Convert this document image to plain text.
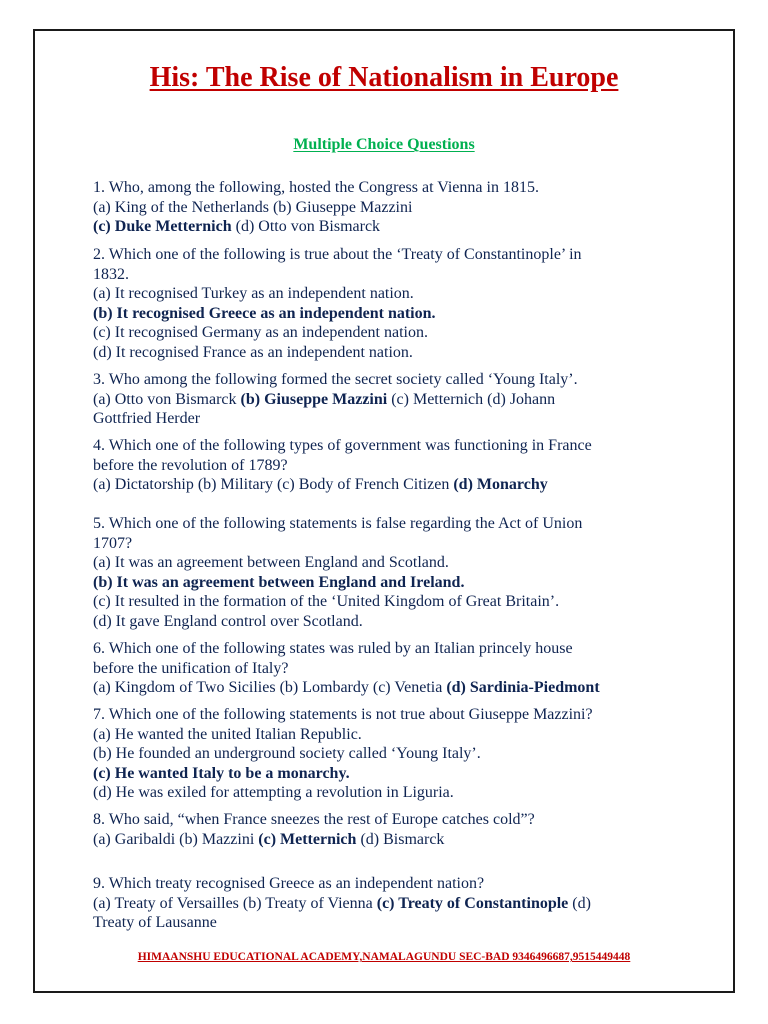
His: The Rise of Nationalism in Europe
Multiple Choice Questions
1. Who, among the following, hosted the Congress at Vienna in 1815.
(a) King of the Netherlands (b) Giuseppe Mazzini
(c) Duke Metternich (d) Otto von Bismarck
2. Which one of the following is true about the ‘Treaty of Constantinople’ in
1832.
(a) It recognised Turkey as an independent nation.
(b) It recognised Greece as an independent nation.
(c) It recognised Germany as an independent nation.
(d) It recognised France as an independent nation.
3. Who among the following formed the secret society called ‘Young Italy’.
(a) Otto von Bismarck (b) Giuseppe Mazzini (c) Metternich (d) Johann
Gottfried Herder
4. Which one of the following types of government was functioning in France
before the revolution of 1789?
(a) Dictatorship (b) Military (c) Body of French Citizen (d) Monarchy
5. Which one of the following statements is false regarding the Act of Union
1707?
(a) It was an agreement between England and Scotland.
(b) It was an agreement between England and Ireland.
(c) It resulted in the formation of the ‘United Kingdom of Great Britain’.
(d) It gave England control over Scotland.
6. Which one of the following states was ruled by an Italian princely house
before the unification of Italy?
(a) Kingdom of Two Sicilies (b) Lombardy (c) Venetia (d) Sardinia-Piedmont
7. Which one of the following statements is not true about Giuseppe Mazzini?
(a) He wanted the united Italian Republic.
(b) He founded an underground society called ‘Young Italy’.
(c) He wanted Italy to be a monarchy.
(d) He was exiled for attempting a revolution in Liguria.
8. Who said, “when France sneezes the rest of Europe catches cold”?
(a) Garibaldi (b) Mazzini (c) Metternich (d) Bismarck
9. Which treaty recognised Greece as an independent nation?
(a) Treaty of Versailles (b) Treaty of Vienna (c) Treaty of Constantinople (d)
Treaty of Lausanne
HIMAANSHU EDUCATIONAL ACADEMY,NAMALAGUNDU SEC-BAD 9346496687,9515449448
